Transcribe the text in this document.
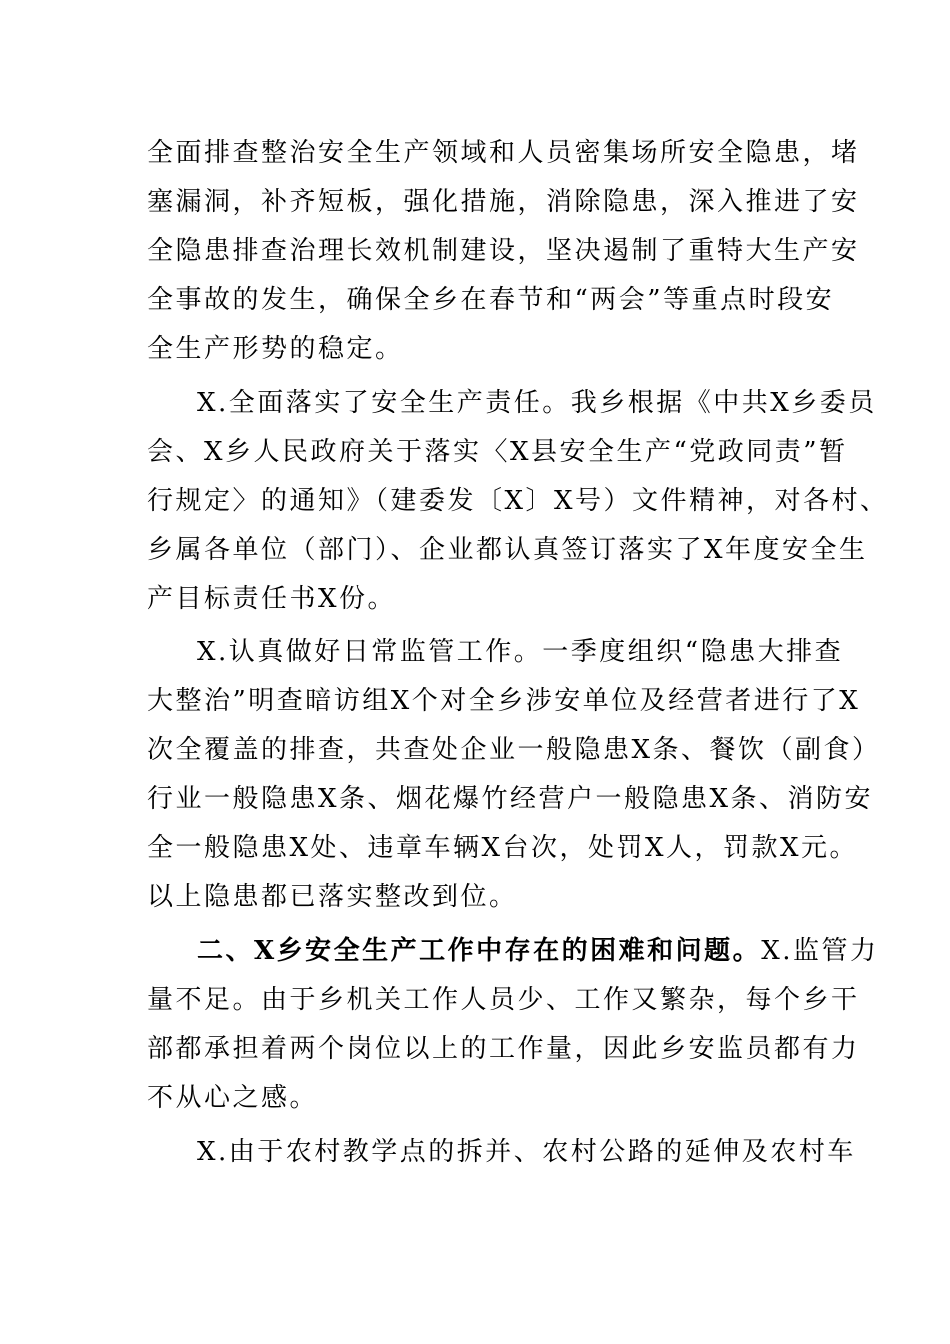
全面排查整治安全生产领域和人员密集场所安全隐患，堵
塞漏洞，补齐短板，强化措施，消除隐患，深入推进了安
全隐患排查治理长效机制建设，坚决遏制了重特大生产安
全事故的发生，确保全乡在春节和“两会”等重点时段安
全生产形势的稳定。
X.全面落实了安全生产责任。我乡根据《中共X乡委员
会、X乡人民政府关于落实〈X县安全生产“党政同责”暂
行规定〉的通知》（建委发〔X〕X号）文件精神，对各村、
乡属各单位（部门）、企业都认真签订落实了X年度安全生
产目标责任书X份。
X.认真做好日常监管工作。一季度组织“隐患大排查
大整治”明查暗访组X个对全乡涉安单位及经营者进行了X
次全覆盖的排查，共查处企业一般隐患X条、餐饮（副食）
行业一般隐患X条、烟花爆竹经营户一般隐患X条、消防安
全一般隐患X处、违章车辆X台次，处罚X人，罚款X元。
以上隐患都已落实整改到位。
二、X乡安全生产工作中存在的困难和问题。X.监管力
量不足。由于乡机关工作人员少、工作又繁杂，每个乡干
部都承担着两个岗位以上的工作量，因此乡安监员都有力
不从心之感。
X.由于农村教学点的拆并、农村公路的延伸及农村车
